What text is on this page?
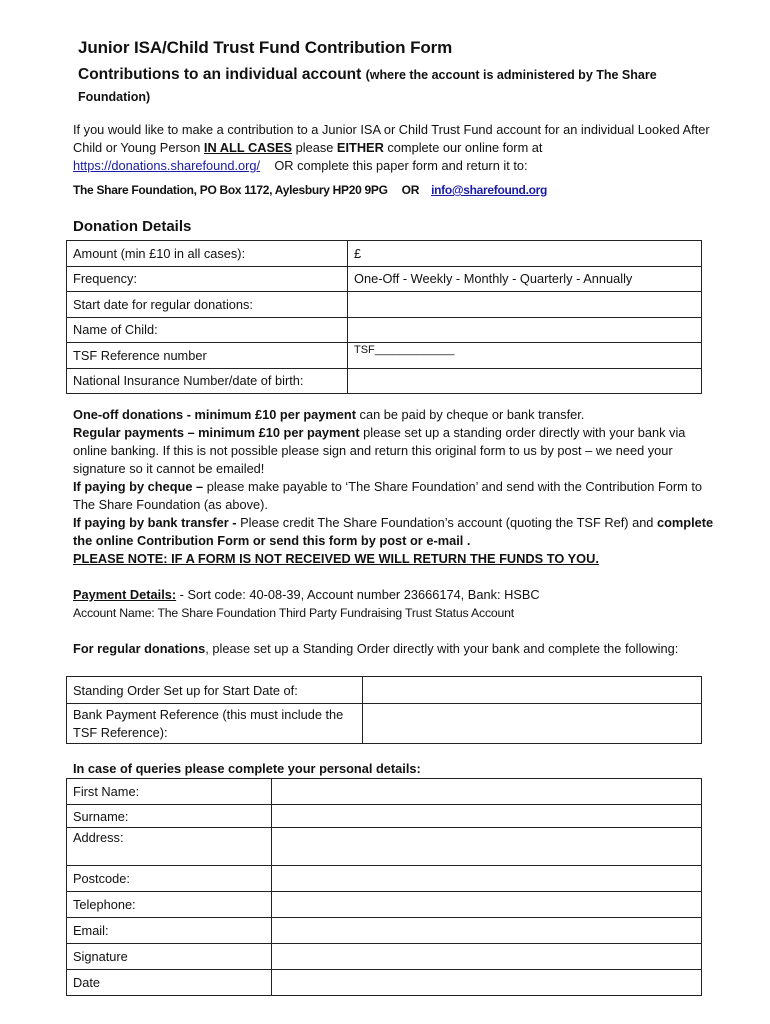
Junior ISA/Child Trust Fund Contribution Form
Contributions to an individual account (where the account is administered by The Share Foundation)
If you would like to make a contribution to a Junior ISA or Child Trust Fund account for an individual Looked After Child or Young Person IN ALL CASES please EITHER complete our online form at
https://donations.sharefound.org/ OR complete this paper form and return it to:
The Share Foundation, PO Box 1172, Aylesbury HP20 9PG OR info@sharefound.org
Donation Details
Amount (min £10 in all cases):	£
Frequency:	One-Off - Weekly - Monthly - Quarterly - Annually
Start date for regular donations:	
Name of Child:	
TSF Reference number	TSF_____________
National Insurance Number/date of birth:	
One-off donations - minimum £10 per payment can be paid by cheque or bank transfer.
Regular payments – minimum £10 per payment please set up a standing order directly with your bank via online banking. If this is not possible please sign and return this original form to us by post – we need your signature so it cannot be emailed!
If paying by cheque – please make payable to ‘The Share Foundation’ and send with the Contribution Form to The Share Foundation (as above).
If paying by bank transfer - Please credit The Share Foundation’s account (quoting the TSF Ref) and complete the online Contribution Form or send this form by post or e-mail .
PLEASE NOTE: IF A FORM IS NOT RECEIVED WE WILL RETURN THE FUNDS TO YOU.
Payment Details: - Sort code: 40-08-39, Account number 23666174, Bank: HSBC
Account Name: The Share Foundation Third Party Fundraising Trust Status Account
For regular donations, please set up a Standing Order directly with your bank and complete the following:
Standing Order Set up for Start Date of:	
Bank Payment Reference (this must include the TSF Reference):	
In case of queries please complete your personal details:
First Name:	
Surname:	
Address:	
Postcode:	
Telephone:	
Email:	
Signature	
Date	
